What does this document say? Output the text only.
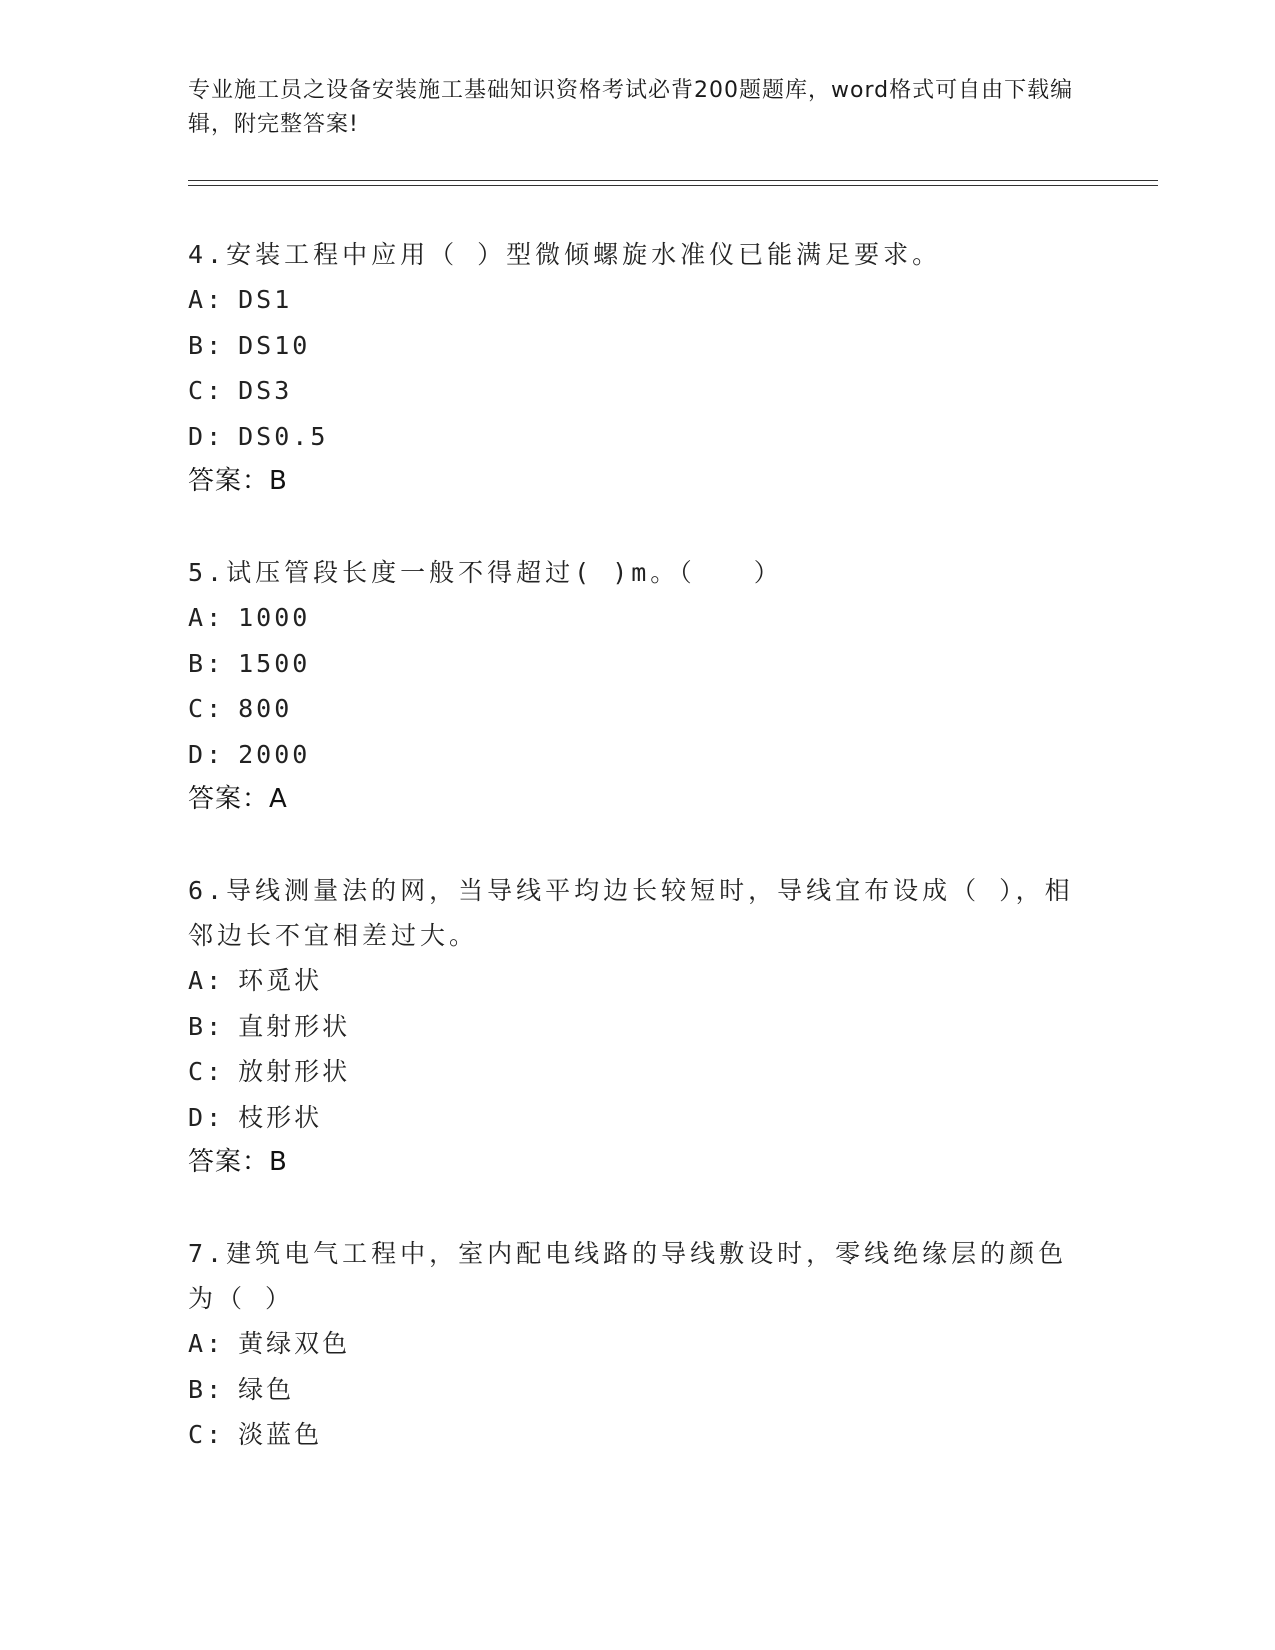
专业施工员之设备安装施工基础知识资格考试必背200题题库，word格式可自由下载编辑，附完整答案!
4.安装工程中应用（ ）型微倾螺旋水准仪已能满足要求。
A: DS1
B: DS10
C: DS3
D: DS0.5
答案：B
5.试压管段长度一般不得超过( )m。（　　）
A: 1000
B: 1500
C: 800
D: 2000
答案：A
6.导线测量法的网，当导线平均边长较短时，导线宜布设成（ ），相邻边长不宜相差过大。
A: 环觅状
B: 直射形状
C: 放射形状
D: 枝形状
答案：B
7.建筑电气工程中，室内配电线路的导线敷设时，零线绝缘层的颜色为（ ）
A: 黄绿双色
B: 绿色
C: 淡蓝色
